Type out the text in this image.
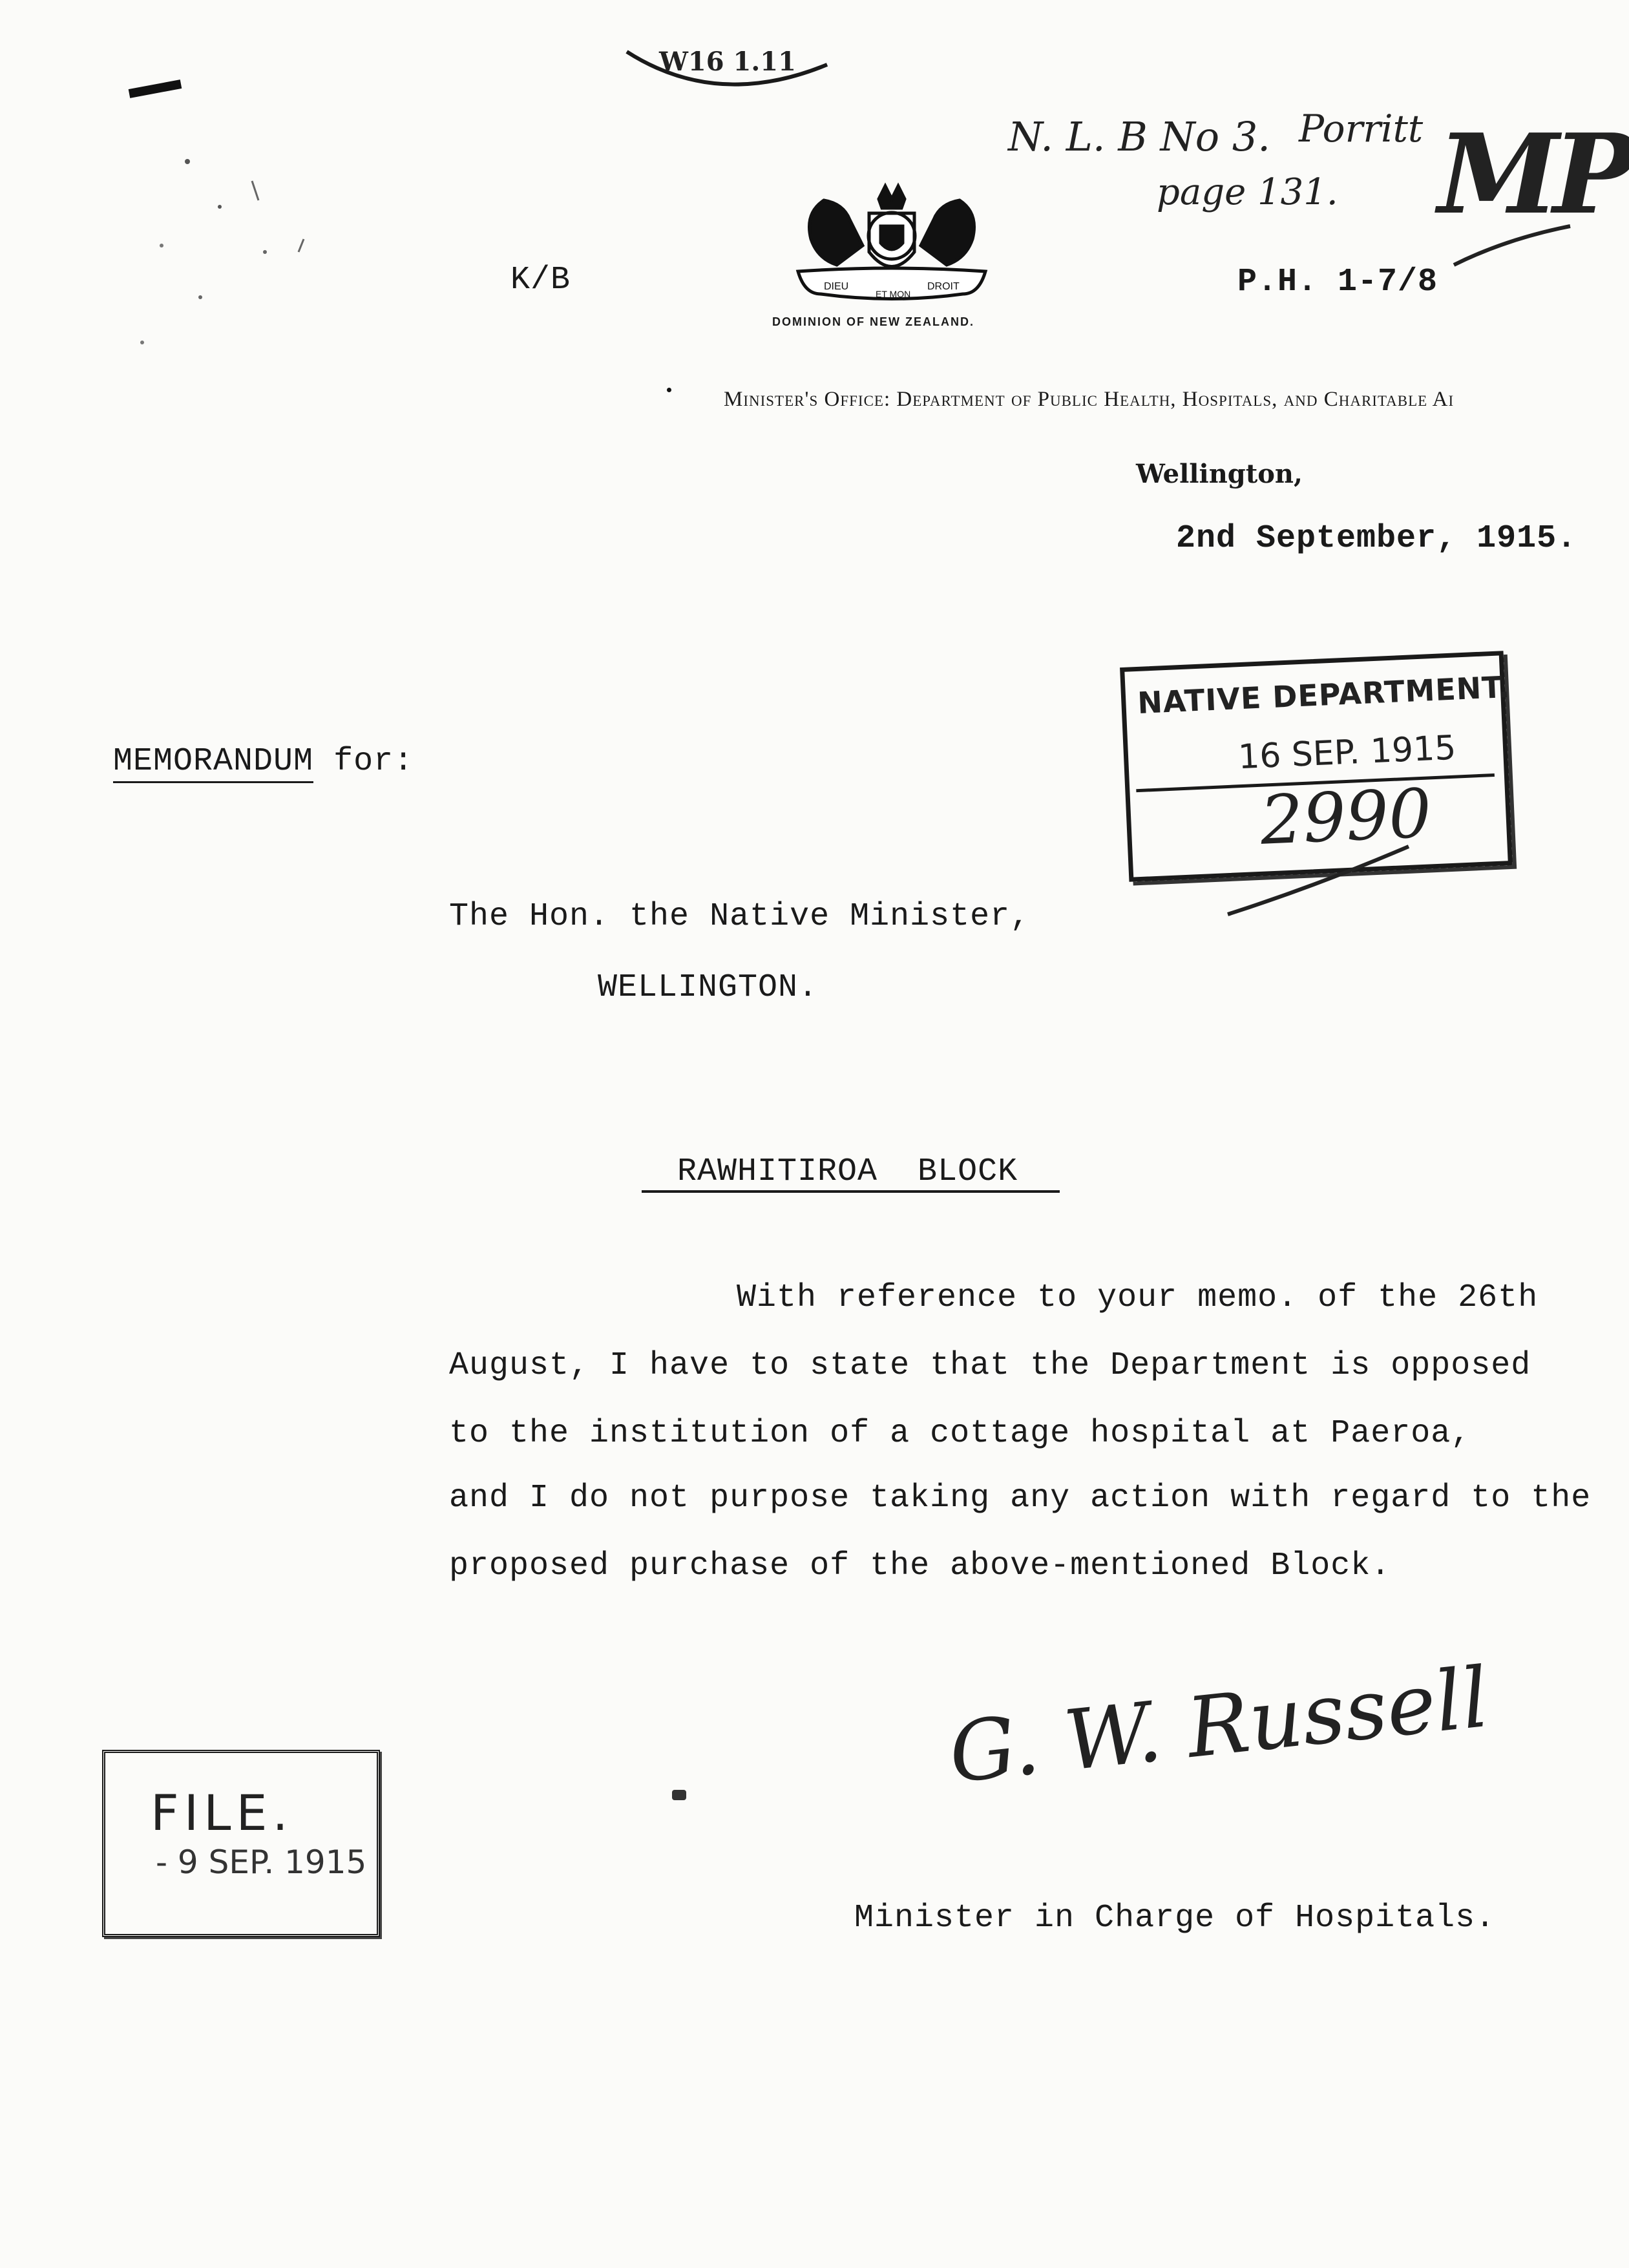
W16 1.11
N. L. B No 3. Porritt
page 131. MP
DIEU
ET MON
DROIT
DOMINION OF NEW ZEALAND.
K/B	P.H. 1-7/8
Minister's Office: Department of Public Health, Hospitals, and Charitable Ai
Wellington,
2nd September, 1915.
NATIVE DEPARTMENT.
16 SEP. 1915
2990
MEMORANDUM for:
The Hon. the Native Minister,
WELLINGTON.
RAWHITIROA  BLOCK
With reference to your memo. of the 26th
August, I have to state that the Department is opposed
to the institution of a cottage hospital at Paeroa,
and I do not purpose taking any action with regard to the
proposed purchase of the above-mentioned Block.
FILE.
- 9 SEP. 1915
G. W. Russell
Minister in Charge of Hospitals.
